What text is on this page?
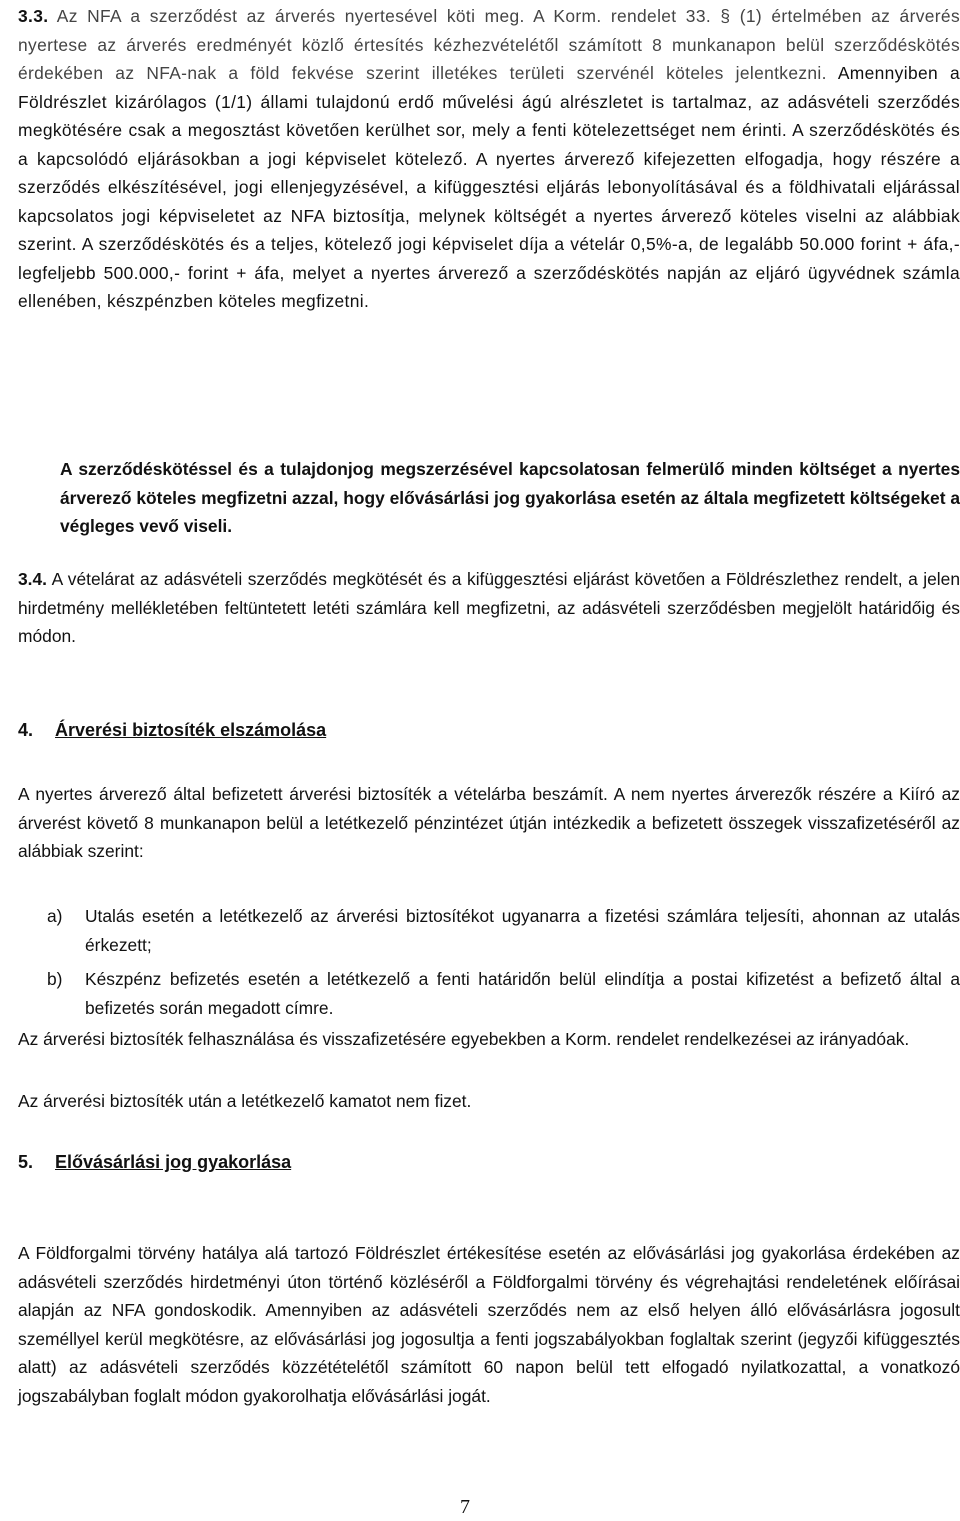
3.3. Az NFA a szerződést az árverés nyertesével köti meg. A Korm. rendelet 33. § (1) értelmében az árverés nyertese az árverés eredményét közlő értesítés kézhezvételétől számított 8 munkanapon belül szerződéskötés érdekében az NFA-nak a föld fekvése szerint illetékes területi szervénél köteles jelentkezni. Amennyiben a Földrészlet kizárólagos (1/1) állami tulajdonú erdő művelési ágú alrészletet is tartalmaz, az adásvételi szerződés megkötésére csak a megosztást követően kerülhet sor, mely a fenti kötelezettséget nem érinti. A szerződéskötés és a kapcsolódó eljárásokban a jogi képviselet kötelező. A nyertes árverező kifejezetten elfogadja, hogy részére a szerződés elkészítésével, jogi ellenjegyzésével, a kifüggesztési eljárás lebonyolításával és a földhivatali eljárással kapcsolatos jogi képviseletet az NFA biztosítja, melynek költségét a nyertes árverező köteles viselni az alábbiak szerint. A szerződéskötés és a teljes, kötelező jogi képviselet díja a vételár 0,5%-a, de legalább 50.000 forint + áfa,- legfeljebb 500.000,- forint + áfa, melyet a nyertes árverező a szerződéskötés napján az eljáró ügyvédnek számla ellenében, készpénzben köteles megfizetni.

A szerződéskötéssel és a tulajdonjog megszerzésével kapcsolatosan felmerülő minden költséget a nyertes árverező köteles megfizetni azzal, hogy elővásárlási jog gyakorlása esetén az általa megfizetett költségeket a végleges vevő viseli.

3.4. A vételárat az adásvételi szerződés megkötését és a kifüggesztési eljárást követően a Földrészlethez rendelt, a jelen hirdetmény mellékletében feltüntetett letéti számlára kell megfizetni, az adásvételi szerződésben megjelölt határidőig és módon.

4. Árverési biztosíték elszámolása

A nyertes árverező által befizetett árverési biztosíték a vételárba beszámít. A nem nyertes árverezők részére a Kiíró az árverést követő 8 munkanapon belül a letétkezelő pénzintézet útján intézkedik a befizetett összegek visszafizetéséről az alábbiak szerint:

a) Utalás esetén a letétkezelő az árverési biztosítékot ugyanarra a fizetési számlára teljesíti, ahonnan az utalás érkezett;
b) Készpénz befizetés esetén a letétkezelő a fenti határidőn belül elindítja a postai kifizetést a befizető által a befizetés során megadott címre.

Az árverési biztosíték felhasználása és visszafizetésére egyebekben a Korm. rendelet rendelkezései az irányadóak.

Az árverési biztosíték után a letétkezelő kamatot nem fizet.

5. Elővásárlási jog gyakorlása

A Földforgalmi törvény hatálya alá tartozó Földrészlet értékesítése esetén az elővásárlási jog gyakorlása érdekében az adásvételi szerződés hirdetményi úton történő közléséről a Földforgalmi törvény és végrehajtási rendeletének előírásai alapján az NFA gondoskodik. Amennyiben az adásvételi szerződés nem az első helyen álló elővásárlásra jogosult személlyel kerül megkötésre, az elővásárlási jog jogosultja a fenti jogszabályokban foglaltak szerint (jegyzői kifüggesztés alatt) az adásvételi szerződés közzétételétől számított 60 napon belül tett elfogadó nyilatkozattal, a vonatkozó jogszabályban foglalt módon gyakorolhatja elővásárlási jogát.

7
